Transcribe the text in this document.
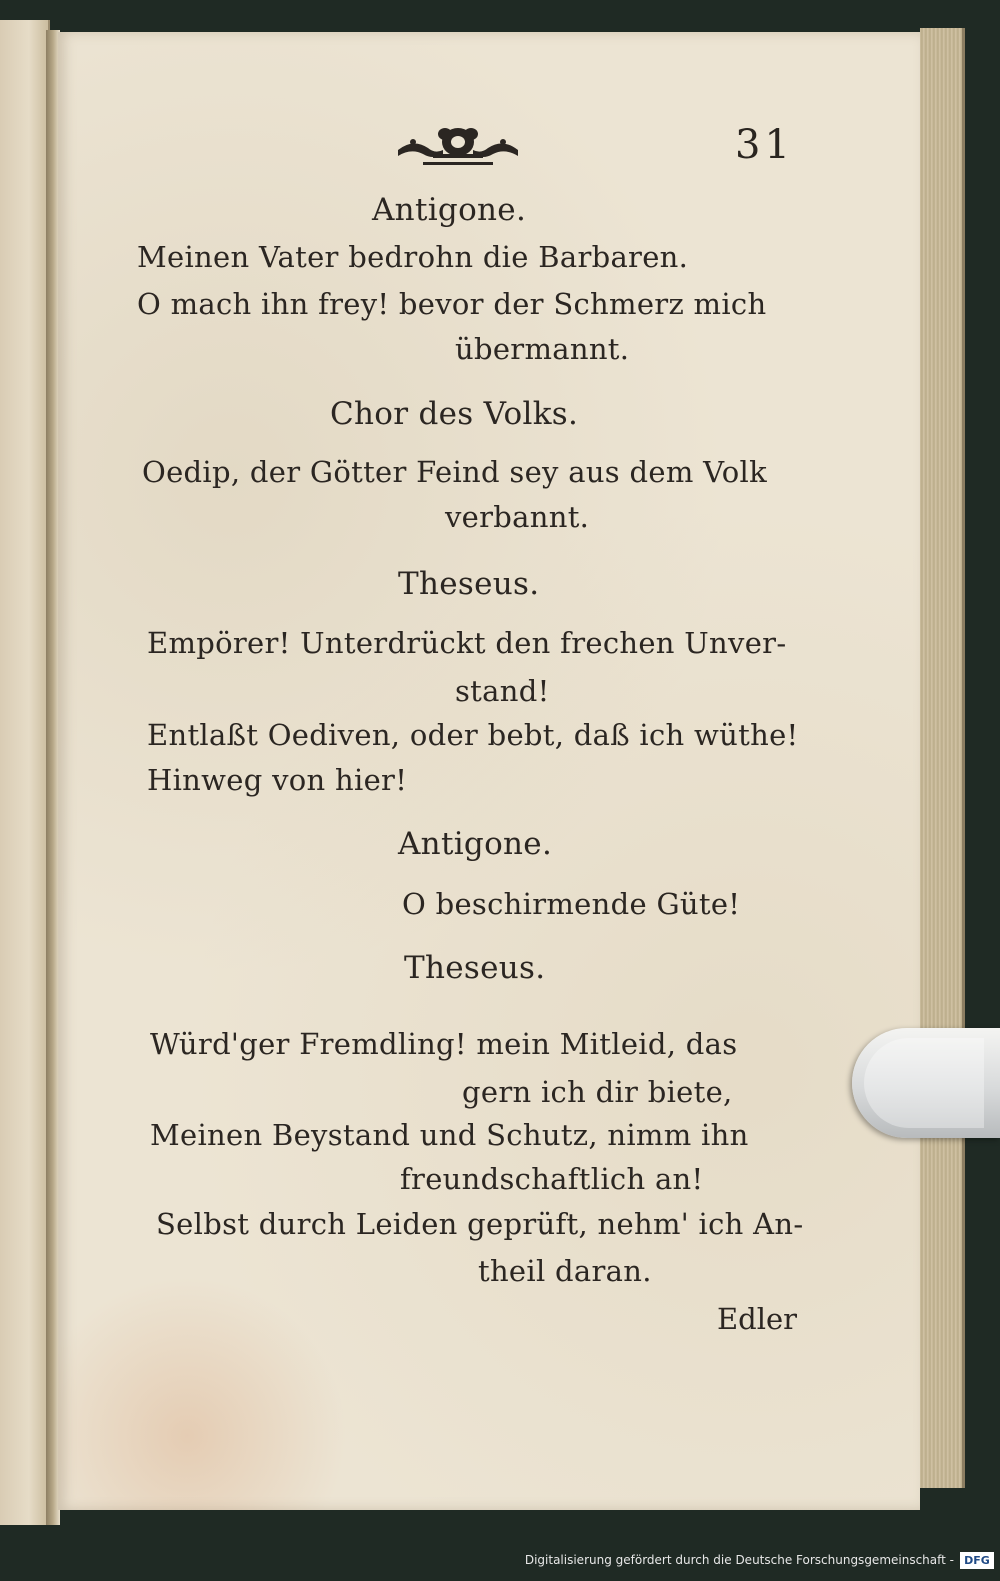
31
Antigone.
Meinen Vater bedrohn die Barbaren.
O mach ihn frey! bevor der Schmerz mich
übermannt.
Chor des Volks.
Oedip, der Götter Feind sey aus dem Volk
verbannt.
Theseus.
Empörer! Unterdrückt den frechen Unver-
stand!
Entlaßt Oediven, oder bebt, daß ich wüthe!
Hinweg von hier!
Antigone.
O beschirmende Güte!
Theseus.
Würd'ger Fremdling! mein Mitleid, das
gern ich dir biete,
Meinen Beystand und Schutz, nimm ihn
freundschaftlich an!
Selbst durch Leiden geprüft, nehm' ich An-
theil daran.
Edler
Digitalisierung gefördert durch die Deutsche Forschungsgemeinschaft - DFG
